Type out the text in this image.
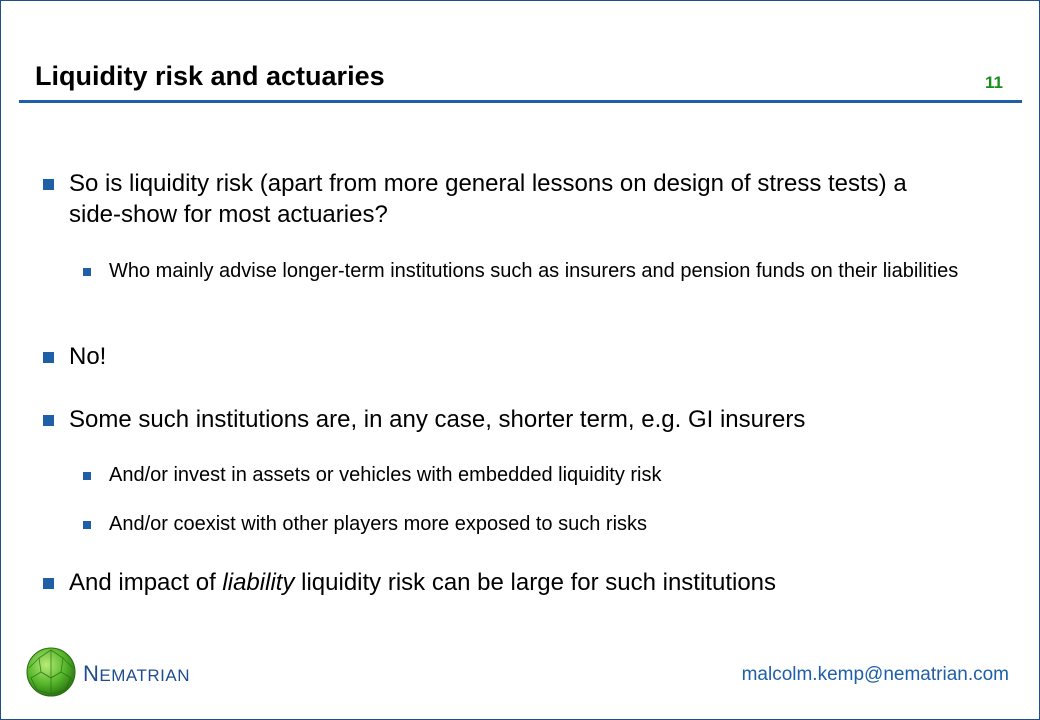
Liquidity risk and actuaries	11
So is liquidity risk (apart from more general lessons on design of stress tests) a side-show for most actuaries?
Who mainly advise longer-term institutions such as insurers and pension funds on their liabilities
No!
Some such institutions are, in any case, shorter term, e.g. GI insurers
And/or invest in assets or vehicles with embedded liquidity risk
And/or coexist with other players more exposed to such risks
And impact of liability liquidity risk can be large for such institutions
NEMATRIAN	malcolm.kemp@nematrian.com
